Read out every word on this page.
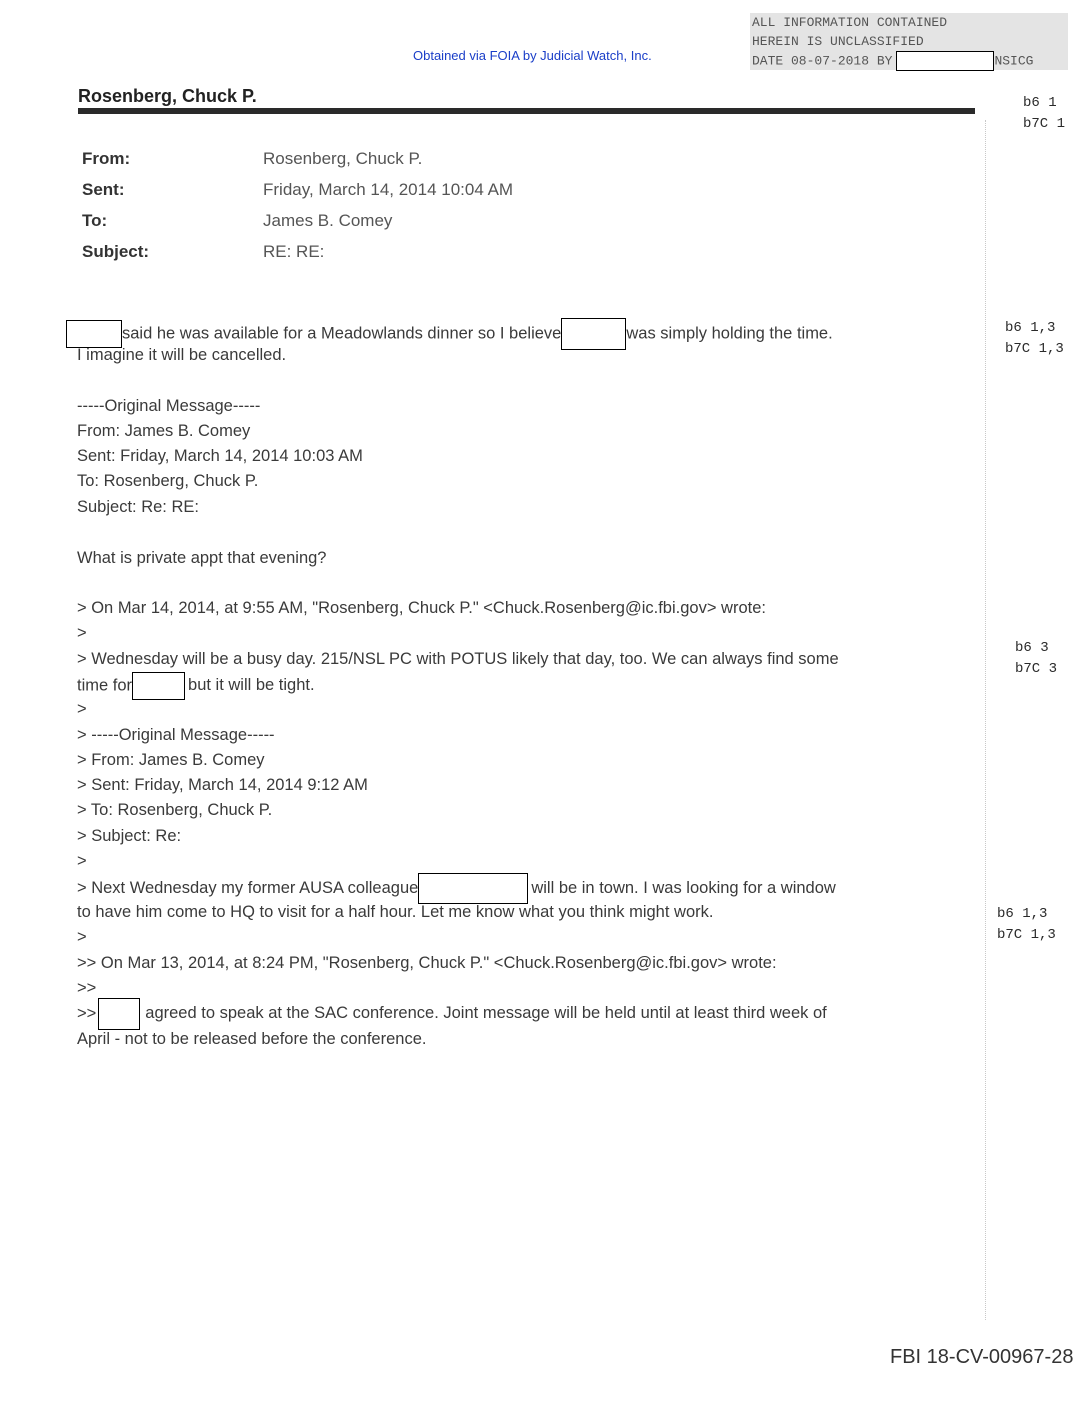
Obtained via FOIA by Judicial Watch, Inc.
ALL INFORMATION CONTAINED
HEREIN IS UNCLASSIFIED
DATE 08-07-2018 BY	NSICG
Rosenberg, Chuck P.	b6 1
b7C 1
b6 1,3
b7C 1,3
b6 3
b7C 3
b6 1,3
b7C 1,3
From:	Rosenberg, Chuck P.
Sent:	Friday, March 14, 2014 10:04 AM
To:	James B. Comey
Subject:	RE: RE:
said he was available for a Meadowlands dinner so I believe	was simply holding the time.
I imagine it will be cancelled.
-----Original Message-----
From: James B. Comey
Sent: Friday, March 14, 2014 10:03 AM
To: Rosenberg, Chuck P.
Subject: Re: RE:
What is private appt that evening?
> On Mar 14, 2014, at 9:55 AM, "Rosenberg, Chuck P." <Chuck.Rosenberg@ic.fbi.gov> wrote:
>
> Wednesday will be a busy day. 215/NSL PC with POTUS likely that day, too. We can always find some
time for	but it will be tight.
>
> -----Original Message-----
> From: James B. Comey
> Sent: Friday, March 14, 2014 9:12 AM
> To: Rosenberg, Chuck P.
> Subject: Re:
>
> Next Wednesday my former AUSA colleague	will be in town. I was looking for a window
to have him come to HQ to visit for a half hour. Let me know what you think might work.
>
>> On Mar 13, 2014, at 8:24 PM, "Rosenberg, Chuck P." <Chuck.Rosenberg@ic.fbi.gov> wrote:
>>
>>	agreed to speak at the SAC conference. Joint message will be held until at least third week of
April - not to be released before the conference.
FBI 18-CV-00967-28
